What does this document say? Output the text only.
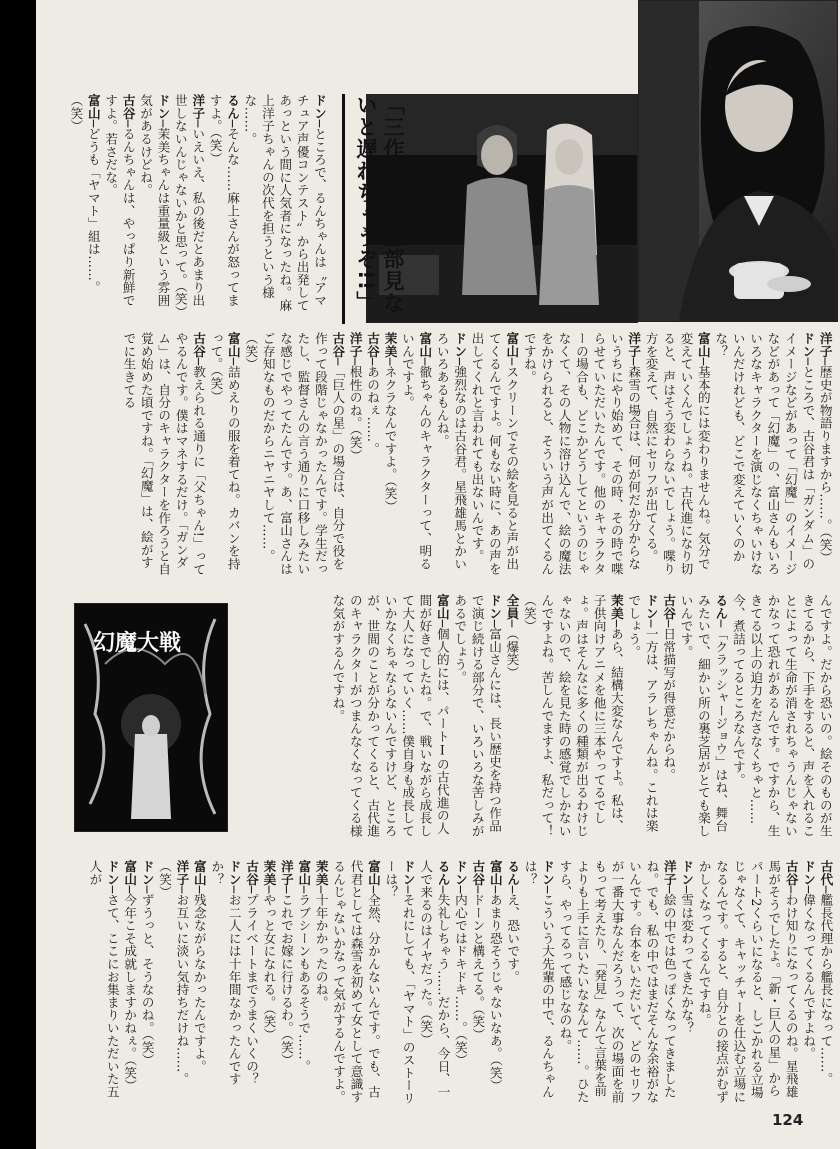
「三作品とも全部見ないと遅れちゃうぞ!!」
幻魔大戦

ドン─ところで、るんちゃんは〝アマチュア声優コンテスト〟から出発してあっという間に人気者になったね。麻上洋子ちゃんの次代を担うという様な……。

るん─そんな……麻上さんが怒ってますよ。（笑）

洋子─いえいえ、私の後だとあまり出世しないんじゃないかと思って。（笑）

ドン─茉美ちゃんは重量級という雰囲気があるけどね。

古谷─るんちゃんは、やっぱり新鮮ですよ。若さだな。

富山─どうも「ヤマト」組は……。（笑）

洋子─歴史が物語りますから……。（笑）

ドン─ところで、古谷君は「ガンダム」のイメージなどがあって「幻魔」のイメージなどがあって「幻魔」の、富山さんもいろいろなキャラクターを演じなくちゃいけないんだけれども、どこで変えていくのかな？

富山─基本的には変わりませんね。気分で変えていくんでしょうね。古代進になり切ると、声はそう変わらないでしょう。喋り方を変えて、自然にセリフが出てくる。

洋子─森雪の場合は、何が何だか分からないうちにやり始めて、その時、その時で喋らせていただいたんです。他のキャラクターの場合も、どこかどうしてというのじゃなくて、その人物に溶け込んで、絵の魔法をかけられると、そういう声が出てくるんですね。

富山─スクリーンでその絵を見ると声が出てくるんですよ。何もない時に、あの声を出してくれと言われても出ないんです。

ドン─強烈なのは古谷君。星飛雄馬とかいろいろあるもんね。

富山─徹ちゃんのキャラクターって、明るいんですよ。

茉美─ネクラなんですよ。（笑）

古谷─あのねぇ……。

洋子─根性のね。（笑）

古谷─「巨人の星」の場合は、自分で役を作って段階じゃなかったんです。学生だったし、監督さんの言う通りに口移しみたいな感じでやってたんです。あ、富山さんはご存知なものだからニヤニヤして……。（笑）

富山─詰めえりの服を着てね。カバンを持って。（笑）

古谷─教えられる通りに「父ちゃん!」ってやるんです。僕はマネするだけ。「ガンダム」は、自分のキャラクターを作ろうと自覚め始めた頃ですね。「幻魔」は、絵がすでに生きてる

んですよ。だから恐いの。絵そのものが生きてるから、下手をすると、声を入れることによって生命が消されちゃうんじゃないかなって恐れがあるんです。ですから、生きてる以上の迫力をださなくちゃと……今、煮詰ってるところなんです。

るん─「クラッシャージョウ」はね、舞台みたいで、細かい所の裏芝居がとても楽しいんです。

古谷─日常描写が得意だからね。

ドン─一方は、アラレちゃんね。これは楽でしょう。

茉美─あら、結構大変なんですよ。私は、子供向けアニメを他に三本やってるでしょ。声はそんなに多くの種類が出るわけじゃないので、絵を見た時の感覚でしかないんですよね。苦しんでますよ、私だって！（笑）

全員─（爆笑）

ドン─富山さんには、長い歴史を持つ作品で演じ続ける部分で、いろいろな苦しみがあるでしょう。

富山─個人的には、パートⅠの古代進の人間が好きでしたね。で、戦いながら成長して大人になっていく……僕自身も成長していかなくちゃならないんですけど、ところが、世間のことが分かってくると、古代進のキャラクターがつまんなくなってくる様な気がするんですね。

古代─艦長代理から艦長になって……。

ドン─偉くなってくるんですよね。

古谷─わけ知りになってくるのね。星飛雄馬がそうでしたよ。「新・巨人の星」からパート2くらいになると、しごかれる立場じゃなくて、キャッチャーを仕込む立場になるんです。すると、自分との接点がむずかしくなってくるんですね。

ドン─雪は変わってきたかな？

洋子─絵の中では色っぽくなってきましたね。でも、私の中ではまだそんな余裕がないんです。台本をいただいて、どのセリフが一番大事なんだろうって、次の場面を前もって考えたり、「発見」なんて言葉を前よりも上手に言いたいななんて……。ひたすら、やってるって感じなのね。

ドン─こういう大先輩の中で、るんちゃんは？

るん─え、恐いです。

富山─あまり恐そうじゃないなあ。（笑）

古谷─ドーンと構えてる。（笑）

ドン─内心ではドキドキ……。（笑）

るん─失礼しちゃう……だから、今日、一人で来るのはイヤだった。（笑）

ドン─それにしても、「ヤマト」のストーリーは？

富山─全然、分かんないんです。でも、古代君としては森雪を初めて女として意識するんじゃないかなって気がするんですよ。

茉美─十年かかったのね。

富山─ラブシーンもあるそうで……。

洋子─これでお嫁に行けるわ。（笑）

茉美─やっと女になれる。（笑）

古谷─プライベートまでうまくいくの？

ドン─お二人には十年間なかったんですか？

富山─残念ながらなかったんですよ。

洋子─お互いに淡い気持ちだけね……。（笑）

ドン─ずうっと、そうなのね。（笑）

富山─今年こそ成就しますかねぇ。（笑）

ドン─さて、ここにお集まりいただいた五人が

124
